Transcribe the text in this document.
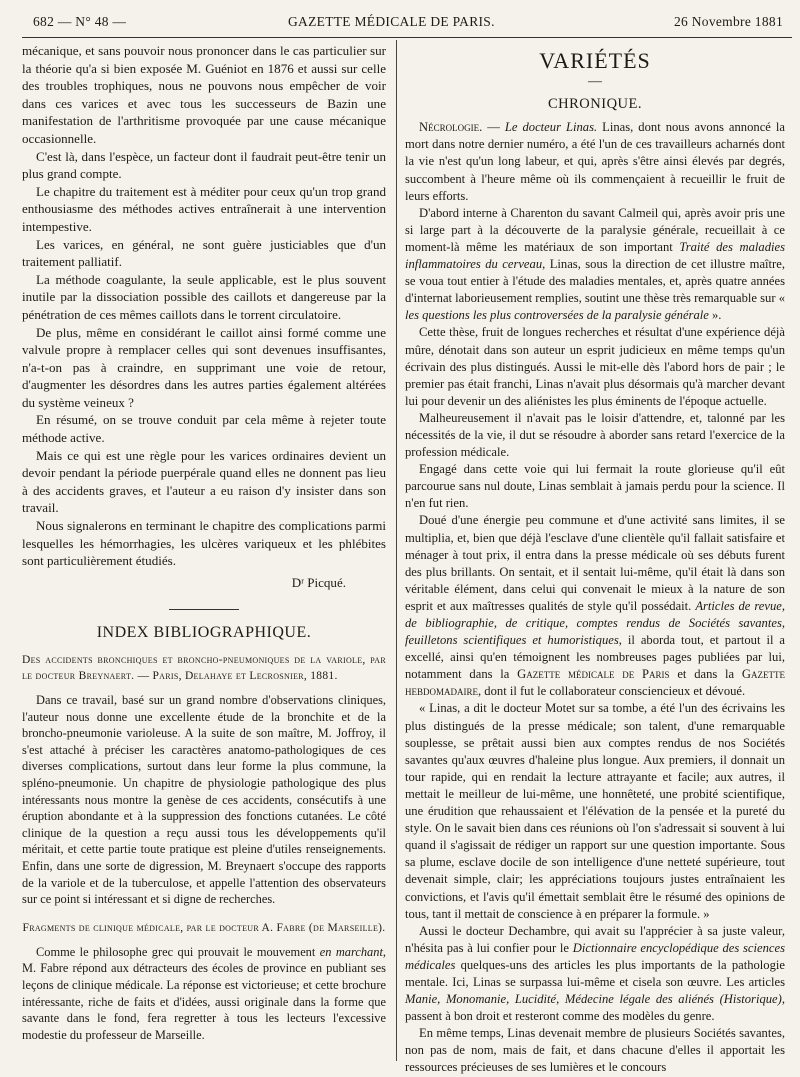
682 — N° 48 —	GAZETTE MÉDICALE DE PARIS.	26 Novembre 1881

mécanique, et sans pouvoir nous prononcer dans le cas particulier sur la théorie qu'a si bien exposée M. Guéniot en 1876 et aussi sur celle des troubles trophiques, nous ne pouvons nous empêcher de voir dans ces varices et avec tous les successeurs de Bazin une manifestation de l'arthritisme provoquée par une cause mécanique occasionnelle.

C'est là, dans l'espèce, un facteur dont il faudrait peut-être tenir un plus grand compte.

Le chapitre du traitement est à méditer pour ceux qu'un trop grand enthousiasme des méthodes actives entraînerait à une intervention intempestive.

Les varices, en général, ne sont guère justiciables que d'un traitement palliatif.

La méthode coagulante, la seule applicable, est le plus souvent inutile par la dissociation possible des caillots et dangereuse par la pénétration de ces mêmes caillots dans le torrent circulatoire.

De plus, même en considérant le caillot ainsi formé comme une valvule propre à remplacer celles qui sont devenues insuffisantes, n'a-t-on pas à craindre, en supprimant une voie de retour, d'augmenter les désordres dans les autres parties également altérées du système veineux ?

En résumé, on se trouve conduit par cela même à rejeter toute méthode active.

Mais ce qui est une règle pour les varices ordinaires devient un devoir pendant la période puerpérale quand elles ne donnent pas lieu à des accidents graves, et l'auteur a eu raison d'y insister dans son travail.

Nous signalerons en terminant le chapitre des complications parmi lesquelles les hémorrhagies, les ulcères variqueux et les phlébites sont particulièrement étudiés.

Dʳ Picqué.
INDEX BIBLIOGRAPHIQUE.

Des accidents bronchiques et broncho-pneumoniques de la variole, par le docteur Breynaert. — Paris, Delahaye et Lecrosnier, 1881.

Dans ce travail, basé sur un grand nombre d'observations cliniques, l'auteur nous donne une excellente étude de la bronchite et de la broncho-pneumonie varioleuse. A la suite de son maître, M. Joffroy, il s'est attaché à préciser les caractères anatomo-pathologiques de ces diverses complications, surtout dans leur forme la plus commune, la spléno-pneumonie. Un chapitre de physiologie pathologique des plus intéressants nous montre la genèse de ces accidents, consécutifs à une éruption abondante et à la suppression des fonctions cutanées. Le côté clinique de la question a reçu aussi tous les développements qu'il méritait, et cette partie toute pratique est pleine d'utiles renseignements. Enfin, dans une sorte de digression, M. Breynaert s'occupe des rapports de la variole et de la tuberculose, et appelle l'attention des observateurs sur ce point si intéressant et si digne de recherches.

Fragments de clinique médicale, par le docteur A. Fabre (de Marseille).

Comme le philosophe grec qui prouvait le mouvement en marchant, M. Fabre répond aux détracteurs des écoles de province en publiant ses leçons de clinique médicale. La réponse est victorieuse; et cette brochure intéressante, riche de faits et d'idées, aussi originale dans la forme que savante dans le fond, fera regretter à tous les lecteurs l'excessive modestie du professeur de Marseille.

VARIÉTÉS
—
CHRONIQUE.

Nécrologie. — Le docteur Linas. Linas, dont nous avons annoncé la mort dans notre dernier numéro, a été l'un de ces travailleurs acharnés dont la vie n'est qu'un long labeur, et qui, après s'être ainsi élevés par degrés, succombent à l'heure même où ils commençaient à recueillir le fruit de leurs efforts.

D'abord interne à Charenton du savant Calmeil qui, après avoir pris une si large part à la découverte de la paralysie générale, recueillait à ce moment-là même les matériaux de son important Traité des maladies inflammatoires du cerveau, Linas, sous la direction de cet illustre maître, se voua tout entier à l'étude des maladies mentales, et, après quatre années d'internat laborieusement remplies, soutint une thèse très remarquable sur « les questions les plus controversées de la paralysie générale ».

Cette thèse, fruit de longues recherches et résultat d'une expérience déjà mûre, dénotait dans son auteur un esprit judicieux en même temps qu'un écrivain des plus distingués. Aussi le mit-elle dès l'abord hors de pair ; le premier pas était franchi, Linas n'avait plus désormais qu'à marcher devant lui pour devenir un des aliénistes les plus éminents de l'époque actuelle.

Malheureusement il n'avait pas le loisir d'attendre, et, talonné par les nécessités de la vie, il dut se résoudre à aborder sans retard l'exercice de la profession médicale.

Engagé dans cette voie qui lui fermait la route glorieuse qu'il eût parcourue sans nul doute, Linas semblait à jamais perdu pour la science. Il n'en fut rien.

Doué d'une énergie peu commune et d'une activité sans limites, il se multiplia, et, bien que déjà l'esclave d'une clientèle qu'il fallait satisfaire et ménager à tout prix, il entra dans la presse médicale où ses débuts furent des plus brillants. On sentait, et il sentait lui-même, qu'il était là dans son véritable élément, dans celui qui convenait le mieux à la nature de son esprit et aux maîtresses qualités de style qu'il possédait. Articles de revue, de bibliographie, de critique, comptes rendus de Sociétés savantes, feuilletons scientifiques et humoristiques, il aborda tout, et partout il a excellé, ainsi qu'en témoignent les nombreuses pages publiées par lui, notamment dans la Gazette médicale de Paris et dans la Gazette hebdomadaire, dont il fut le collaborateur consciencieux et dévoué.

« Linas, a dit le docteur Motet sur sa tombe, a été l'un des écrivains les plus distingués de la presse médicale; son talent, d'une remarquable souplesse, se prêtait aussi bien aux comptes rendus de nos Sociétés savantes qu'aux œuvres d'haleine plus longue. Aux premiers, il donnait un tour rapide, qui en rendait la lecture attrayante et facile; aux autres, il mettait le meilleur de lui-même, une honnêteté, une probité scientifique, une érudition que rehaussaient et l'élévation de la pensée et la pureté du style. On le savait bien dans ces réunions où l'on s'adressait si souvent à lui quand il s'agissait de rédiger un rapport sur une question importante. Sous sa plume, esclave docile de son intelligence d'une netteté supérieure, tout devenait simple, clair; les appréciations toujours justes entraînaient les convictions, et l'avis qu'il émettait semblait être le résumé des opinions de tous, tant il mettait de conscience à en préparer la formule. »

Aussi le docteur Dechambre, qui avait su l'apprécier à sa juste valeur, n'hésita pas à lui confier pour le Dictionnaire encyclopédique des sciences médicales quelques-uns des articles les plus importants de la pathologie mentale. Ici, Linas se surpassa lui-même et cisela son œuvre. Les articles Manie, Monomanie, Lucidité, Médecine légale des aliénés (Historique), passent à bon droit et resteront comme des modèles du genre.

En même temps, Linas devenait membre de plusieurs Sociétés savantes, non pas de nom, mais de fait, et dans chacune d'elles il apportait les ressources précieuses de ses lumières et le concours
